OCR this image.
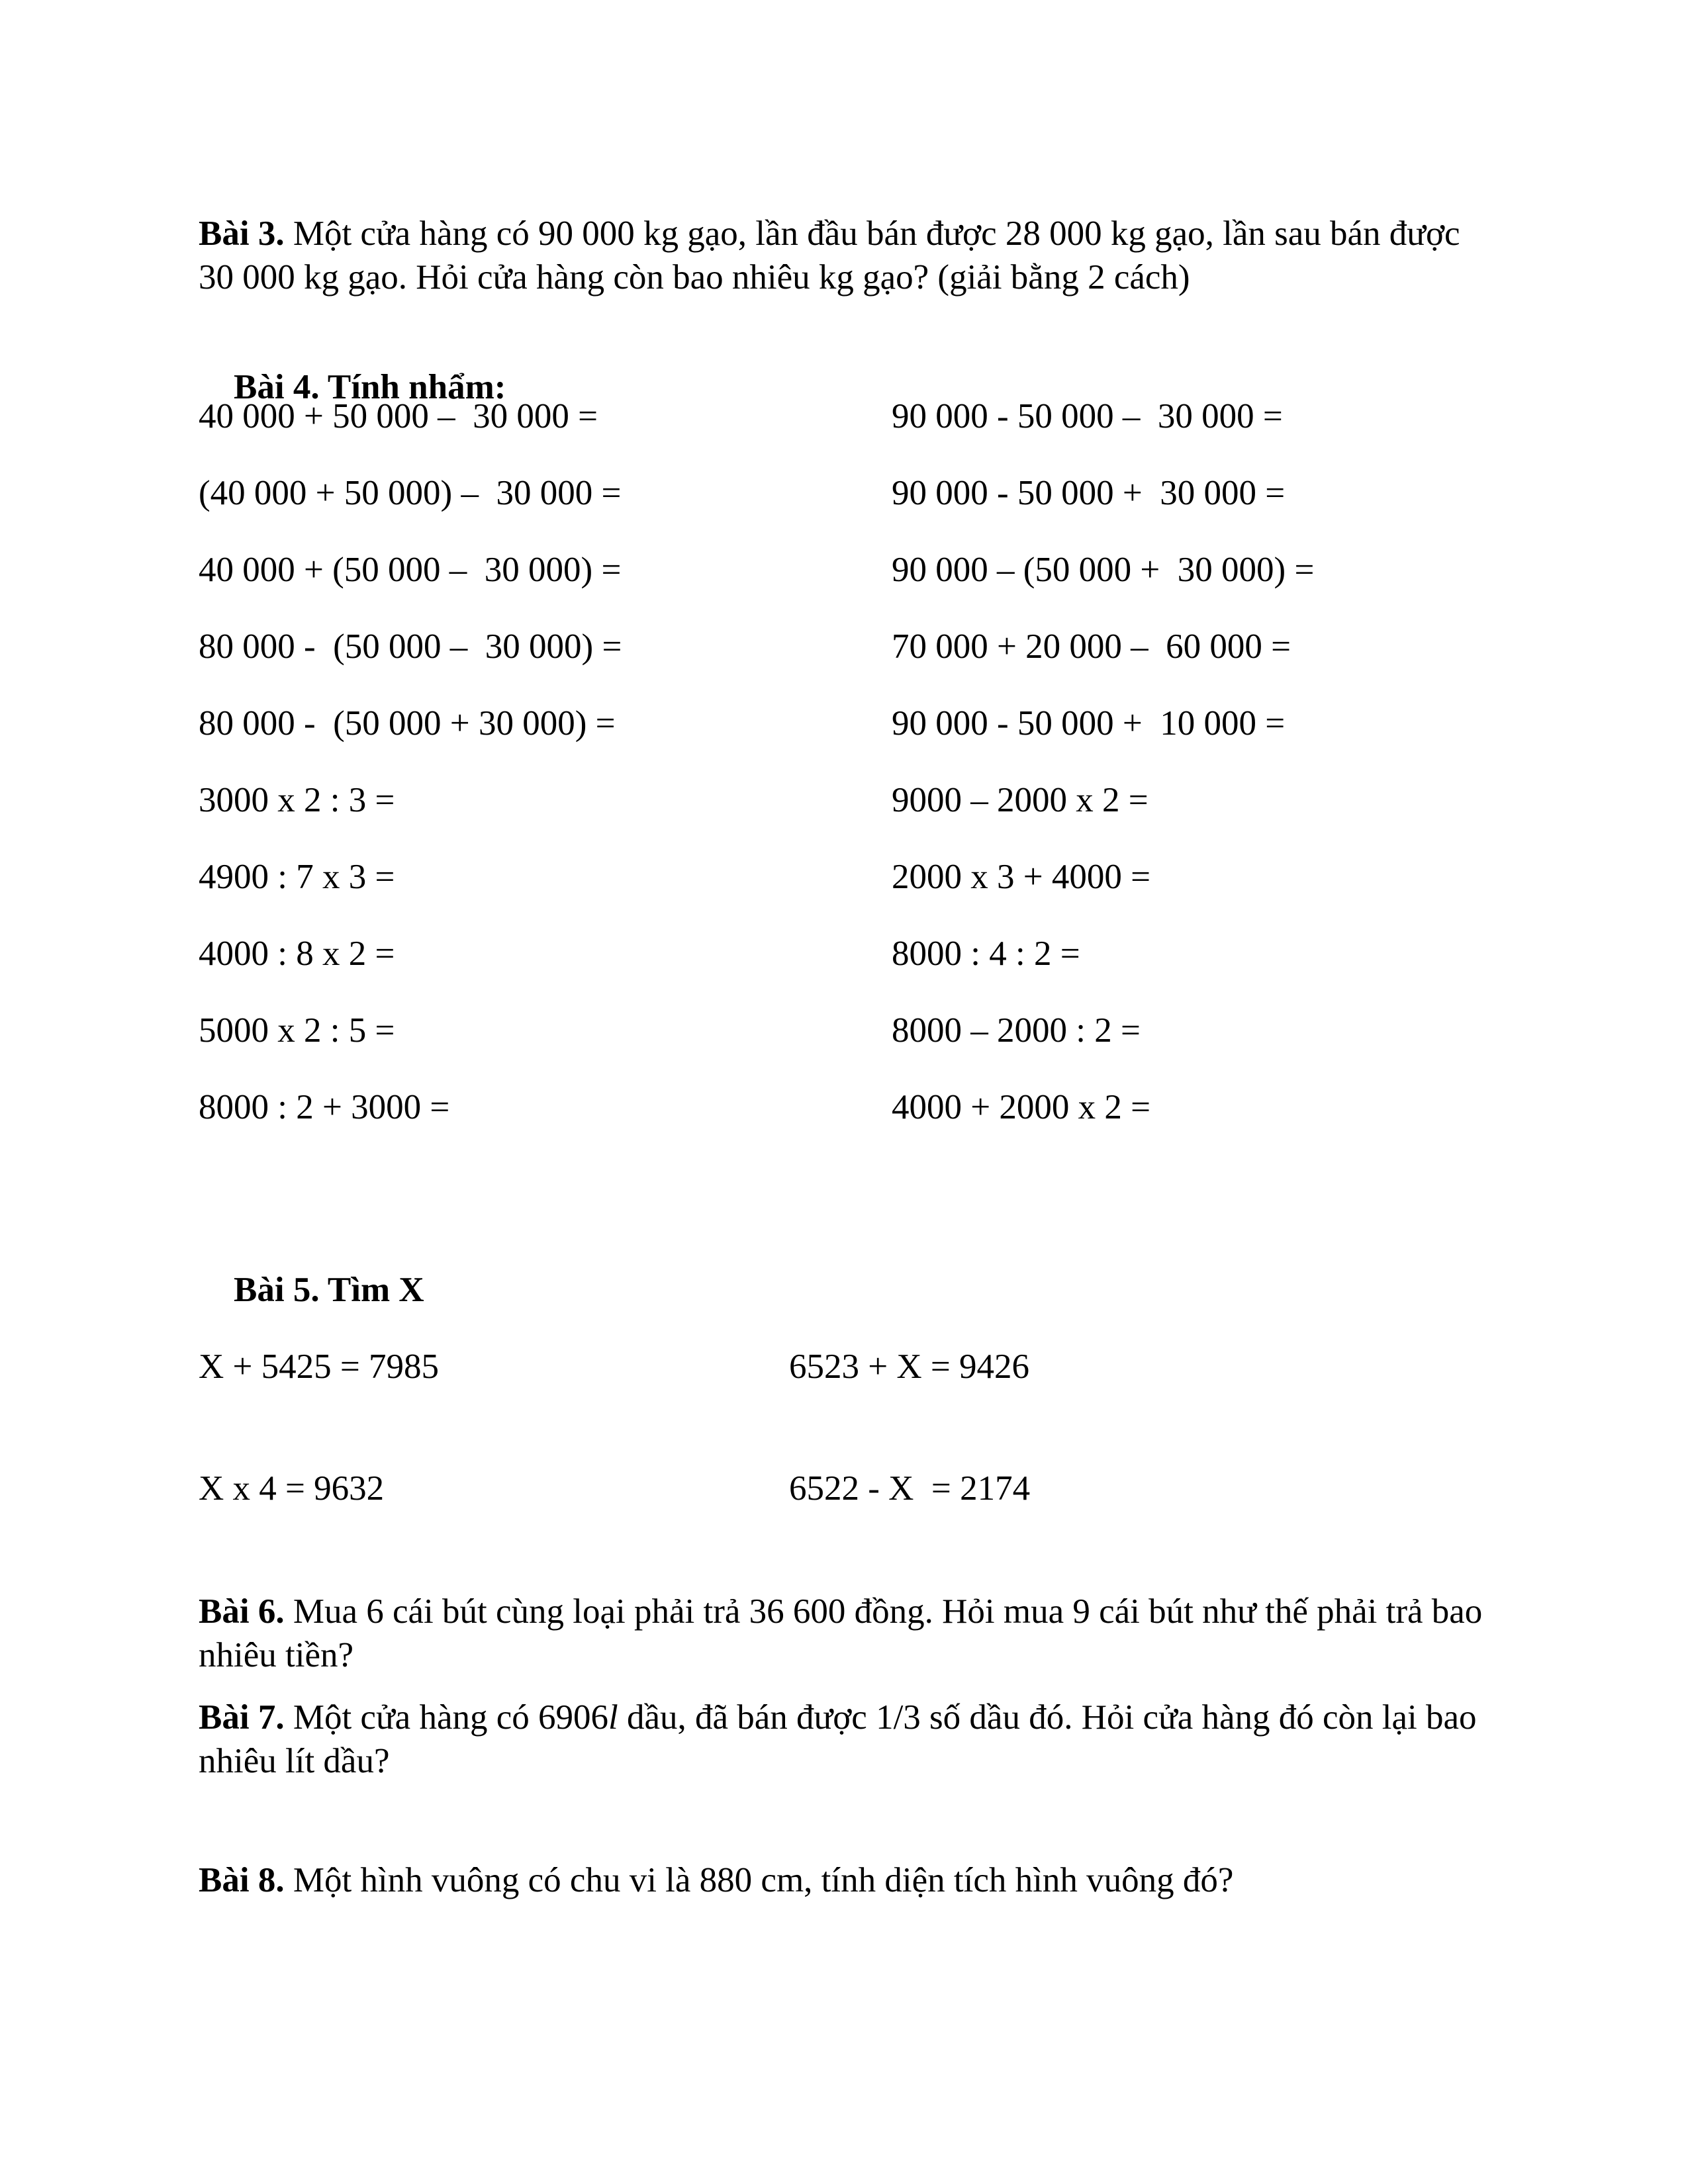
Bài 3. Một cửa hàng có 90 000 kg gạo, lần đầu bán được 28 000 kg gạo, lần sau bán được 30 000 kg gạo. Hỏi cửa hàng còn bao nhiêu kg gạo? (giải bằng 2 cách)

Bài 4. Tính nhẩm:

40 000 + 50 000 –  30 000 =
(40 000 + 50 000) –  30 000 =
40 000 + (50 000 –  30 000) =
80 000 -  (50 000 –  30 000) =
80 000 -  (50 000 + 30 000) =
3000 x 2 : 3 =
4900 : 7 x 3 =
4000 : 8 x 2 =
5000 x 2 : 5 =
8000 : 2 + 3000 =
90 000 - 50 000 –  30 000 =
90 000 - 50 000 +  30 000 =
90 000 – (50 000 +  30 000) =
70 000 + 20 000 –  60 000 =
90 000 - 50 000 +  10 000 =
9000 – 2000 x 2 =
2000 x 3 + 4000 =
8000 : 4 : 2 =
8000 – 2000 : 2 =
4000 + 2000 x 2 =

Bài 5. Tìm X

X + 5425 = 7985
X x 4 = 9632
6523 + X = 9426
6522 - X  = 2174
Bài 6. Mua 6 cái bút cùng loại phải trả 36 600 đồng. Hỏi mua 9 cái bút như thế phải trả bao nhiêu tiền?
Bài 7. Một cửa hàng có 6906l dầu, đã bán được 1/3 số dầu đó. Hỏi cửa hàng đó còn lại bao nhiêu lít dầu?
Bài 8. Một hình vuông có chu vi là 880 cm, tính diện tích hình vuông đó?
